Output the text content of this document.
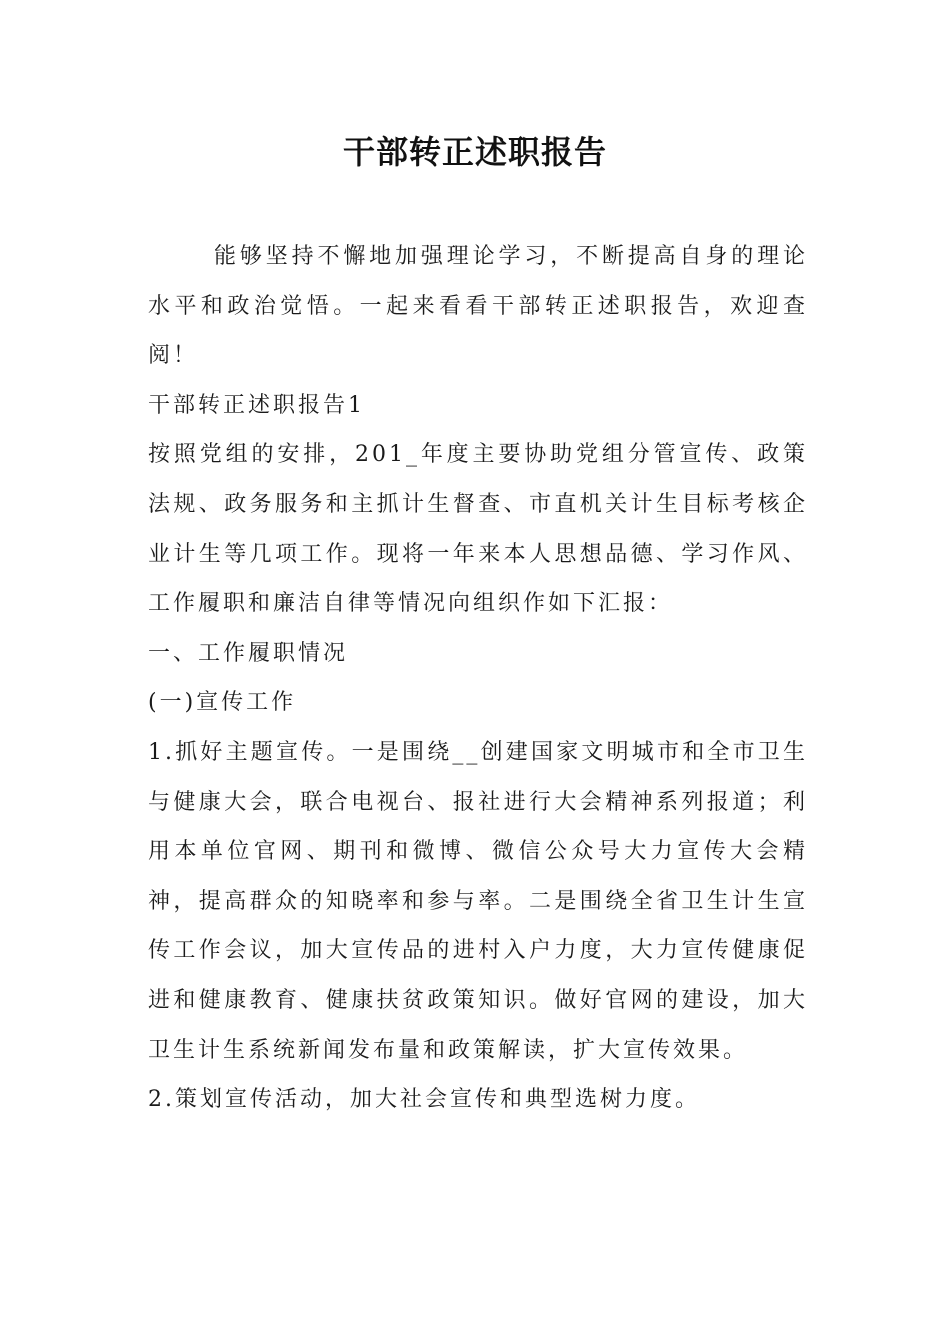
干部转正述职报告

能够坚持不懈地加强理论学习，不断提高自身的理论水平和政治觉悟。一起来看看干部转正述职报告，欢迎查阅！

干部转正述职报告1

按照党组的安排，201_年度主要协助党组分管宣传、政策法规、政务服务和主抓计生督查、市直机关计生目标考核企业计生等几项工作。现将一年来本人思想品德、学习作风、工作履职和廉洁自律等情况向组织作如下汇报：

一、工作履职情况

(一)宣传工作

1.抓好主题宣传。一是围绕__创建国家文明城市和全市卫生与健康大会，联合电视台、报社进行大会精神系列报道；利用本单位官网、期刊和微博、微信公众号大力宣传大会精神，提高群众的知晓率和参与率。二是围绕全省卫生计生宣传工作会议，加大宣传品的进村入户力度，大力宣传健康促进和健康教育、健康扶贫政策知识。做好官网的建设，加大卫生计生系统新闻发布量和政策解读，扩大宣传效果。

2.策划宣传活动，加大社会宣传和典型选树力度。
